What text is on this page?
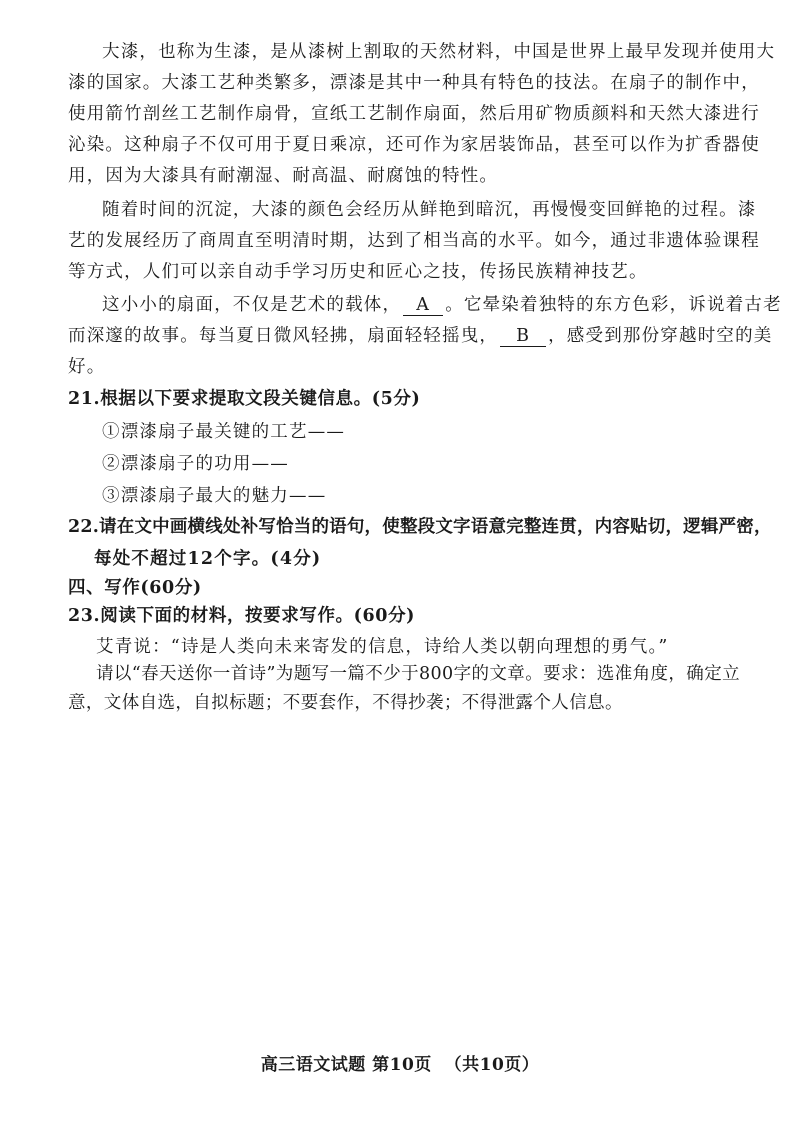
大漆，也称为生漆，是从漆树上割取的天然材料，中国是世界上最早发现并使用大
漆的国家。大漆工艺种类繁多，漂漆是其中一种具有特色的技法。在扇子的制作中，
使用箭竹剖丝工艺制作扇骨，宣纸工艺制作扇面，然后用矿物质颜料和天然大漆进行
沁染。这种扇子不仅可用于夏日乘凉，还可作为家居装饰品，甚至可以作为扩香器使
用，因为大漆具有耐潮湿、耐高温、耐腐蚀的特性。
随着时间的沉淀，大漆的颜色会经历从鲜艳到暗沉，再慢慢变回鲜艳的过程。漆
艺的发展经历了商周直至明清时期，达到了相当高的水平。如今，通过非遗体验课程
等方式，人们可以亲自动手学习历史和匠心之技，传扬民族精神技艺。
这小小的扇面，不仅是艺术的载体， A 。它晕染着独特的东方色彩，诉说着古老
而深邃的故事。每当夏日微风轻拂，扇面轻轻摇曳， B ，感受到那份穿越时空的美
好。
21.根据以下要求提取文段关键信息。(5分)
①漂漆扇子最关键的工艺——
②漂漆扇子的功用——
③漂漆扇子最大的魅力——
22.请在文中画横线处补写恰当的语句，使整段文字语意完整连贯，内容贴切，逻辑严密，
每处不超过12个字。(4分)
四、写作(60分)
23.阅读下面的材料，按要求写作。(60分)
艾青说：“诗是人类向未来寄发的信息，诗给人类以朝向理想的勇气。”
请以“春天送你一首诗”为题写一篇不少于800字的文章。要求：选准角度，确定立
意，文体自选，自拟标题；不要套作，不得抄袭；不得泄露个人信息。
高三语文试题 第10页  （共10页）
